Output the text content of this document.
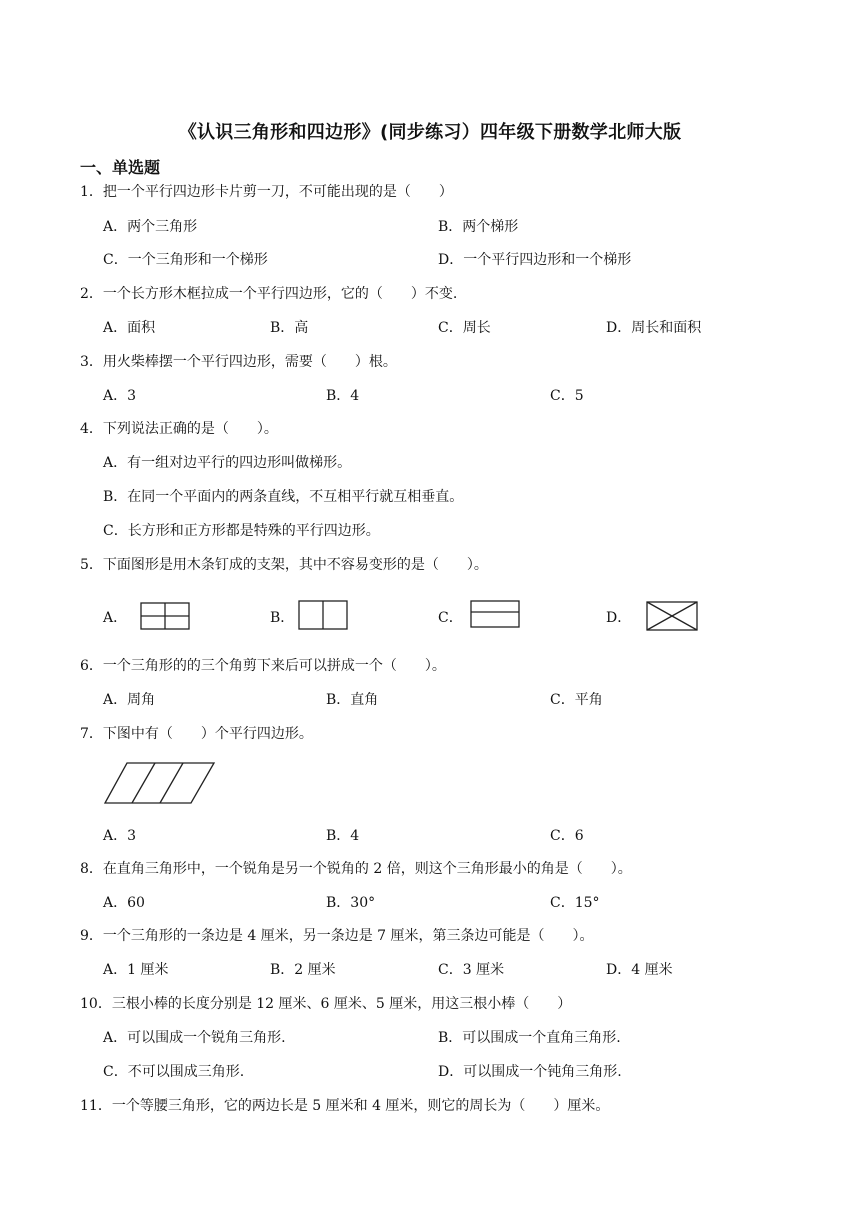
《认识三角形和四边形》(同步练习）四年级下册数学北师大版
一、单选题
1．把一个平行四边形卡片剪一刀，不可能出现的是（　　）
A．两个三角形	B．两个梯形
C．一个三角形和一个梯形	D．一个平行四边形和一个梯形
2．一个长方形木框拉成一个平行四边形，它的（　　）不变.
A．面积	B．高	C．周长	D．周长和面积
3．用火柴棒摆一个平行四边形，需要（　　）根。
A．3	B．4	C．5
4．下列说法正确的是（　　）。
A．有一组对边平行的四边形叫做梯形。
B．在同一个平面内的两条直线，不互相平行就互相垂直。
C．长方形和正方形都是特殊的平行四边形。
5．下面图形是用木条钉成的支架，其中不容易变形的是（　　）。
A．	B．	C．	D．
6．一个三角形的的三个角剪下来后可以拼成一个（　　）。
A．周角	B．直角	C．平角
7．下图中有（　　）个平行四边形。
A．3	B．4	C．6
8．在直角三角形中，一个锐角是另一个锐角的 2 倍，则这个三角形最小的角是（　　）。
A．60	B．30°	C．15°
9．一个三角形的一条边是 4 厘米，另一条边是 7 厘米，第三条边可能是（　　）。
A．1 厘米	B．2 厘米	C．3 厘米	D．4 厘米
10．三根小棒的长度分别是 12 厘米、6 厘米、5 厘米，用这三根小棒（　　）
A．可以围成一个锐角三角形.	B．可以围成一个直角三角形.
C．不可以围成三角形.	D．可以围成一个钝角三角形.
11．一个等腰三角形，它的两边长是 5 厘米和 4 厘米，则它的周长为（　　）厘米。
